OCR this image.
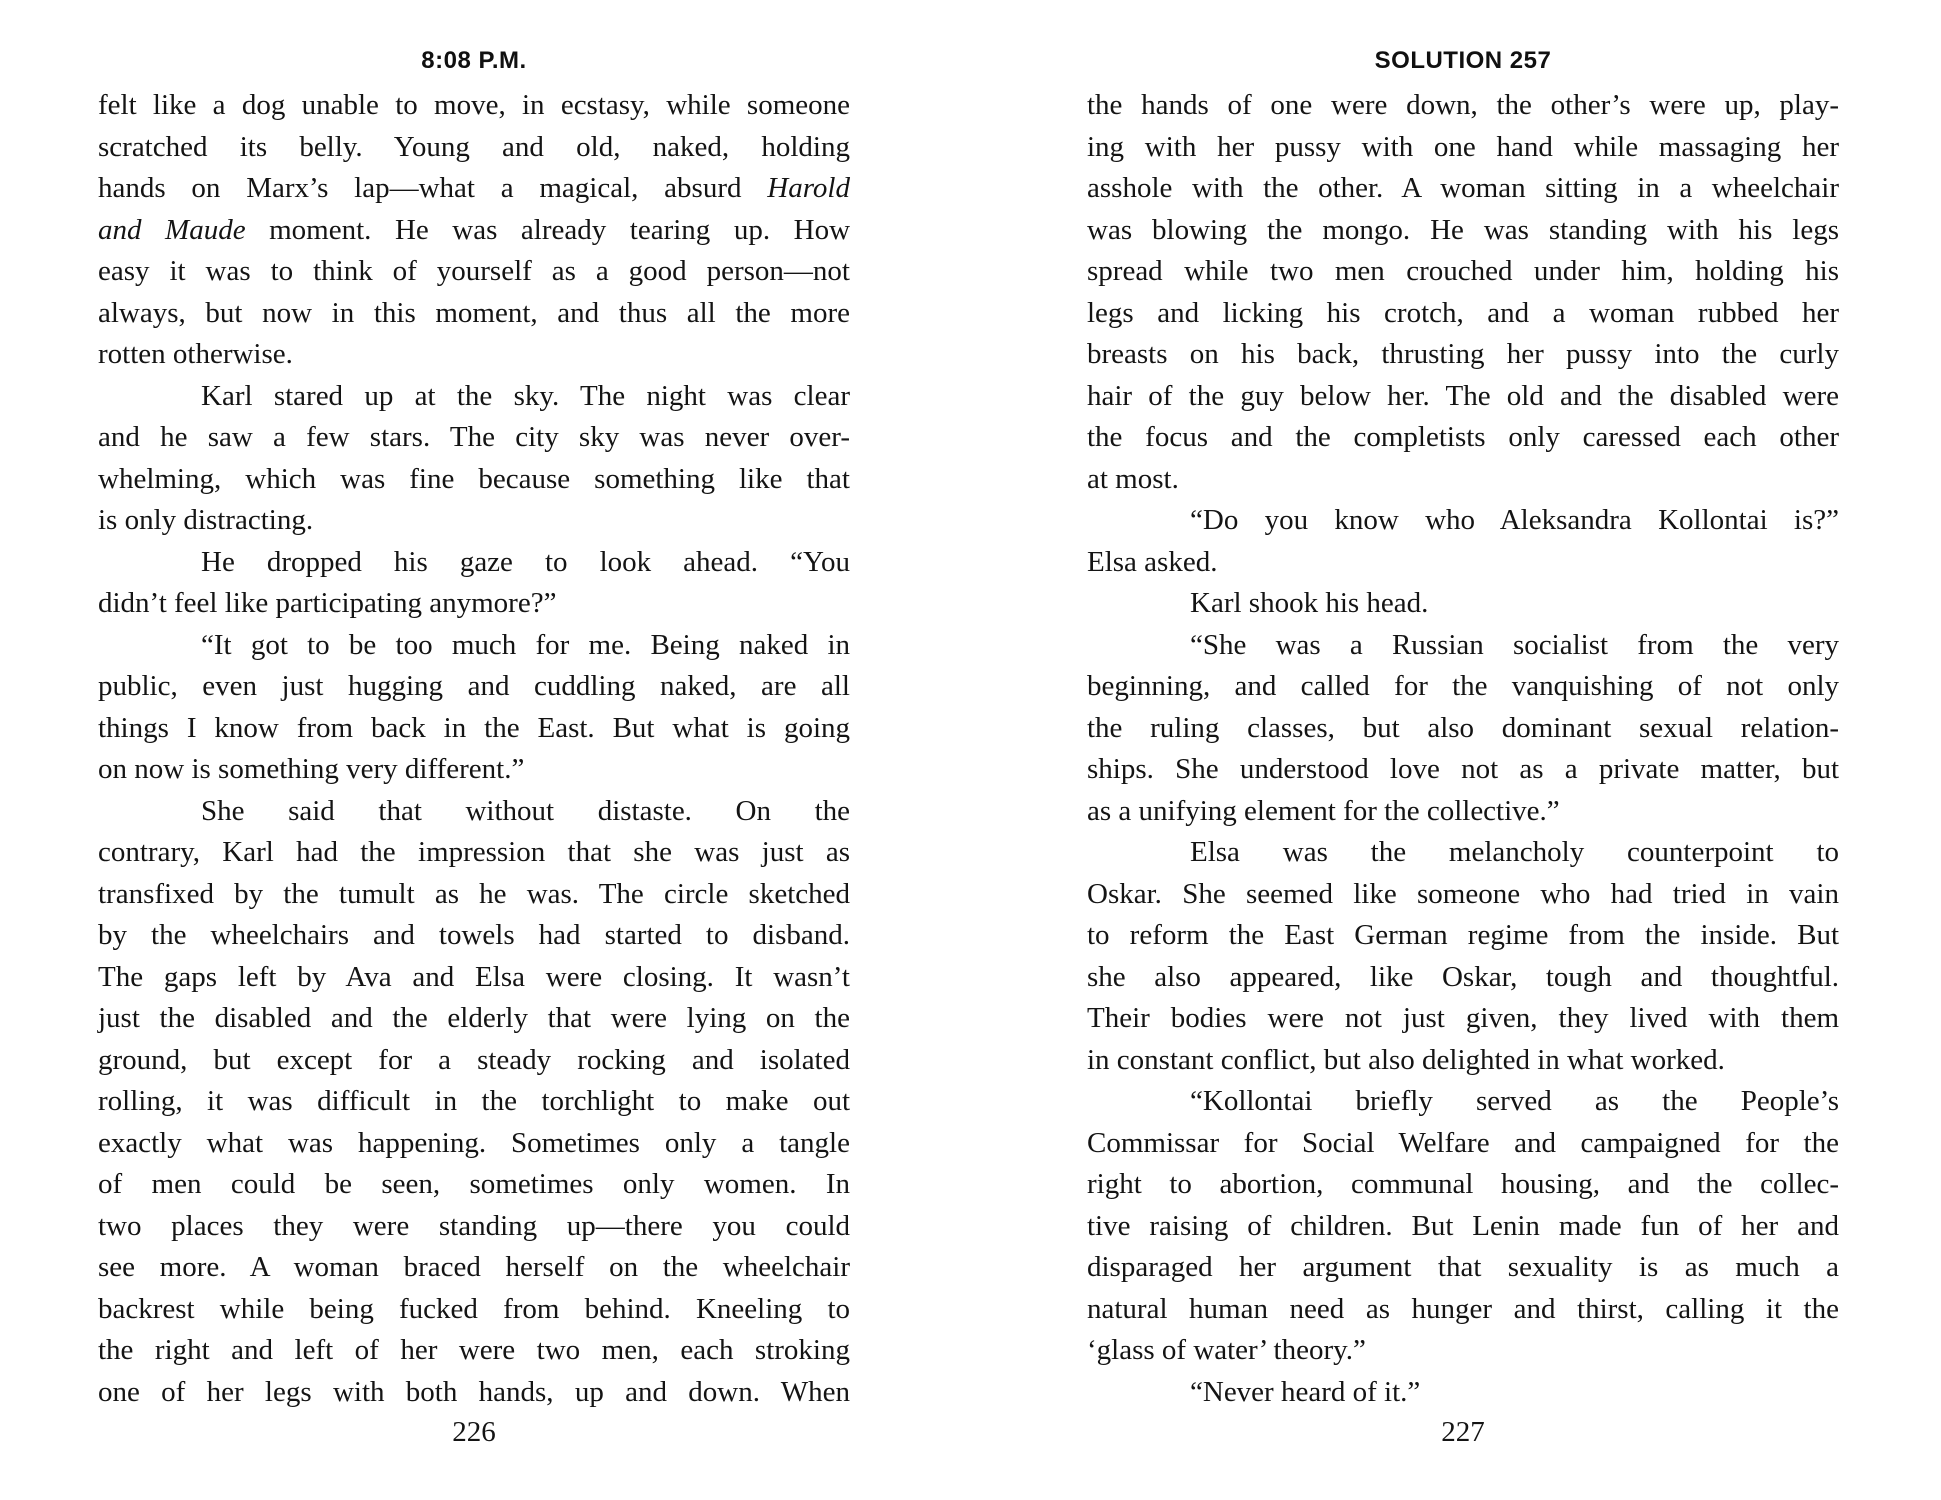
8:08 P.M.
felt like a dog unable to move, in ecstasy, while someone
scratched its belly. Young and old, naked, holding
hands on Marx’s lap—what a magical, absurd Harold
and Maude moment. He was already tearing up. How
easy it was to think of yourself as a good person—not
always, but now in this moment, and thus all the more
rotten otherwise.
Karl stared up at the sky. The night was clear
and he saw a few stars. The city sky was never over-
whelming, which was fine because something like that
is only distracting.
He dropped his gaze to look ahead. “You
didn’t feel like participating anymore?”
“It got to be too much for me. Being naked in
public, even just hugging and cuddling naked, are all
things I know from back in the East. But what is going
on now is something very different.”
She said that without distaste. On the
contrary, Karl had the impression that she was just as
transfixed by the tumult as he was. The circle sketched
by the wheelchairs and towels had started to disband.
The gaps left by Ava and Elsa were closing. It wasn’t
just the disabled and the elderly that were lying on the
ground, but except for a steady rocking and isolated
rolling, it was difficult in the torchlight to make out
exactly what was happening. Sometimes only a tangle
of men could be seen, sometimes only women. In
two places they were standing up—there you could
see more. A woman braced herself on the wheelchair
backrest while being fucked from behind. Kneeling to
the right and left of her were two men, each stroking
one of her legs with both hands, up and down. When
226
SOLUTION 257
the hands of one were down, the other’s were up, play-
ing with her pussy with one hand while massaging her
asshole with the other. A woman sitting in a wheelchair
was blowing the mongo. He was standing with his legs
spread while two men crouched under him, holding his
legs and licking his crotch, and a woman rubbed her
breasts on his back, thrusting her pussy into the curly
hair of the guy below her. The old and the disabled were
the focus and the completists only caressed each other
at most.
“Do you know who Aleksandra Kollontai is?”
Elsa asked.
Karl shook his head.
“She was a Russian socialist from the very
beginning, and called for the vanquishing of not only
the ruling classes, but also dominant sexual relation-
ships. She understood love not as a private matter, but
as a unifying element for the collective.”
Elsa was the melancholy counterpoint to
Oskar. She seemed like someone who had tried in vain
to reform the East German regime from the inside. But
she also appeared, like Oskar, tough and thoughtful.
Their bodies were not just given, they lived with them
in constant conflict, but also delighted in what worked.
“Kollontai briefly served as the People’s
Commissar for Social Welfare and campaigned for the
right to abortion, communal housing, and the collec-
tive raising of children. But Lenin made fun of her and
disparaged her argument that sexuality is as much a
natural human need as hunger and thirst, calling it the
‘glass of water’ theory.”
“Never heard of it.”
227
